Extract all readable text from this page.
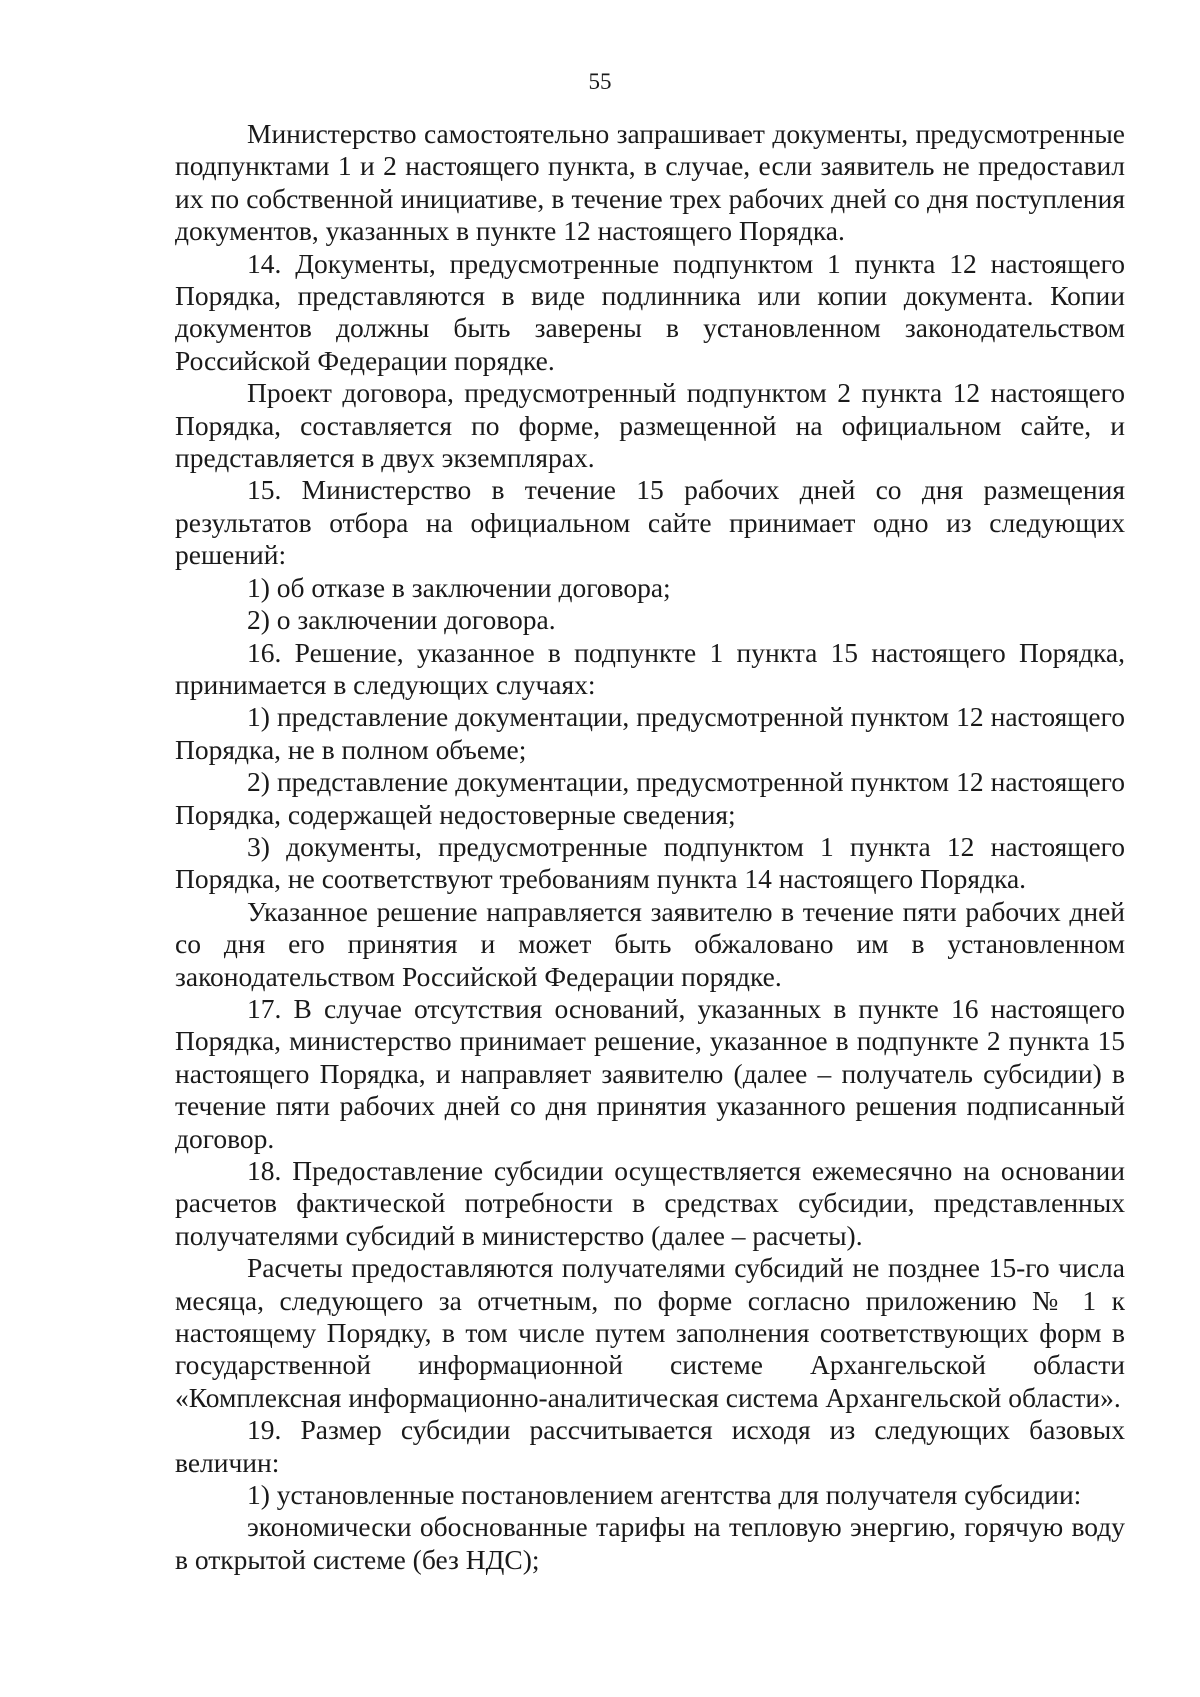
55

Министерство самостоятельно запрашивает документы, предусмотренные подпунктами 1 и 2 настоящего пункта, в случае, если заявитель не предоставил их по собственной инициативе, в течение трех рабочих дней со дня поступления документов, указанных в пункте 12 настоящего Порядка.

14. Документы, предусмотренные подпунктом 1 пункта 12 настоящего Порядка, представляются в виде подлинника или копии документа. Копии документов должны быть заверены в установленном законодательством Российской Федерации порядке.

Проект договора, предусмотренный подпунктом 2 пункта 12 настоящего Порядка, составляется по форме, размещенной на официальном сайте, и представляется в двух экземплярах.

15. Министерство в течение 15 рабочих дней со дня размещения результатов отбора на официальном сайте принимает одно из следующих решений:

1) об отказе в заключении договора;

2) о заключении договора.

16. Решение, указанное в подпункте 1 пункта 15 настоящего Порядка, принимается в следующих случаях:

1) представление документации, предусмотренной пунктом 12 настоящего Порядка, не в полном объеме;

2) представление документации, предусмотренной пунктом 12 настоящего Порядка, содержащей недостоверные сведения;

3) документы, предусмотренные подпунктом 1 пункта 12 настоящего Порядка, не соответствуют требованиям пункта 14 настоящего Порядка.

Указанное решение направляется заявителю в течение пяти рабочих дней со дня его принятия и может быть обжаловано им в установленном законодательством Российской Федерации порядке.

17. В случае отсутствия оснований, указанных в пункте 16 настоящего Порядка, министерство принимает решение, указанное в подпункте 2 пункта 15 настоящего Порядка, и направляет заявителю (далее – получатель субсидии) в течение пяти рабочих дней со дня принятия указанного решения подписанный договор.

18. Предоставление субсидии осуществляется ежемесячно на основании расчетов фактической потребности в средствах субсидии, представленных получателями субсидий в министерство (далее – расчеты).

Расчеты предоставляются получателями субсидий не позднее 15-го числа месяца, следующего за отчетным, по форме согласно приложению № 1 к настоящему Порядку, в том числе путем заполнения соответствующих форм в государственной информационной системе Архангельской области «Комплексная информационно-аналитическая система Архангельской области».

19. Размер субсидии рассчитывается исходя из следующих базовых величин:

1) установленные постановлением агентства для получателя субсидии:

экономически обоснованные тарифы на тепловую энергию, горячую воду в открытой системе (без НДС);
